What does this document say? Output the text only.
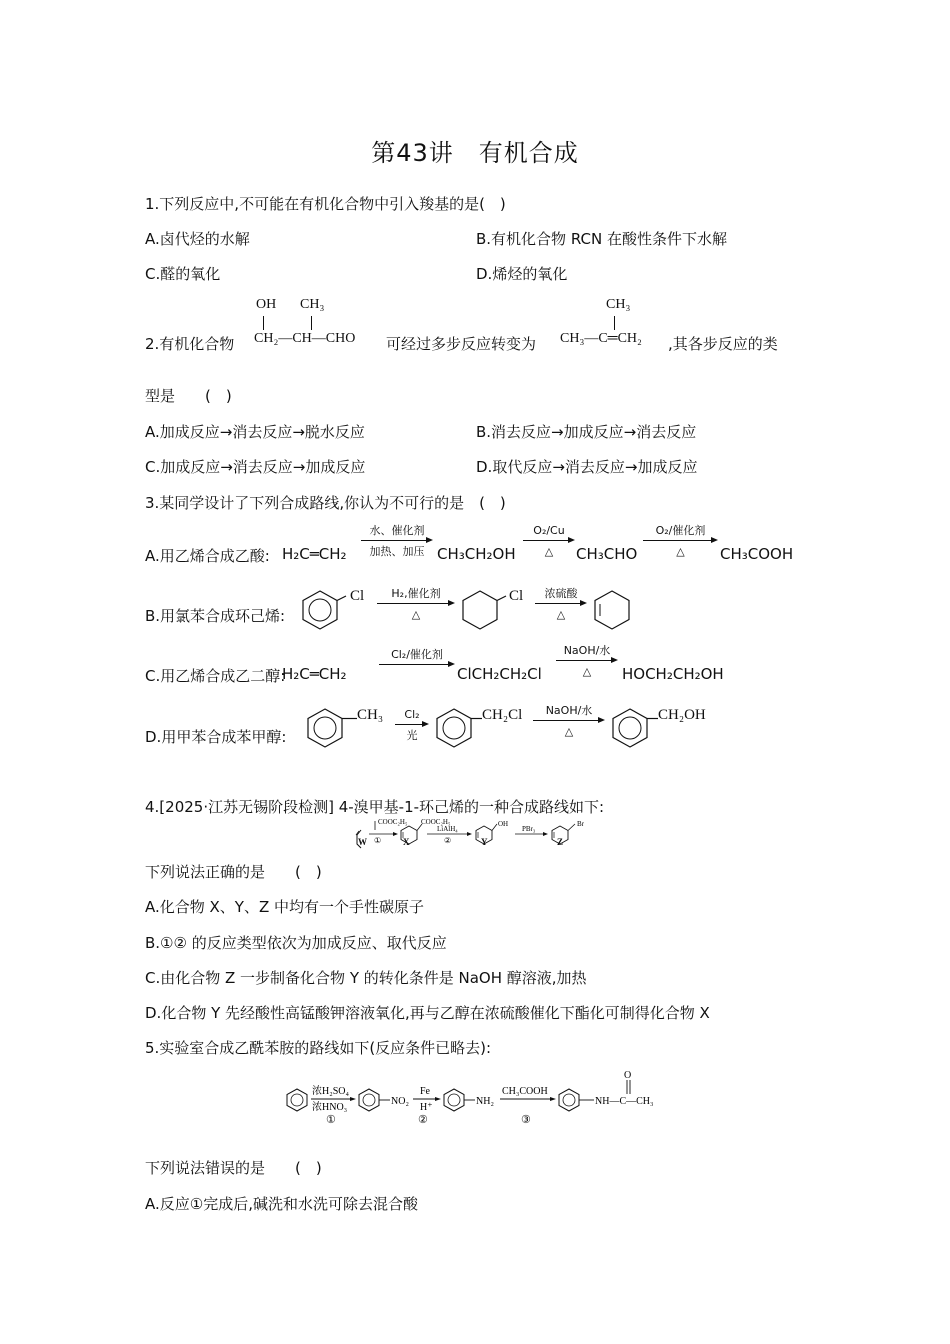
第43讲　有机合成
1.下列反应中,不可能在有机化合物中引入羧基的是(　)
A.卤代烃的水解	B.有机化合物 RCN 在酸性条件下水解
C.醛的氧化	D.烯烃的氧化
2.有机化合物
OH CH₃
CH₂—CH—CHO 可经过多步反应转变为
CH₃
CH₃—C═CH₂ ,其各步反应的类
型是　　(　)
A.加成反应→消去反应→脱水反应	B.消去反应→加成反应→消去反应
C.加成反应→消去反应→加成反应	D.取代反应→消去反应→加成反应
3.某同学设计了下列合成路线,你认为不可行的是　(　)
A.用乙烯合成乙酸: H₂C═CH₂
水、催化剂
加热、加压 CH₃CH₂OH
O₂/Cu
△	CH₃CHO
O₂/催化剂
△	CH₃COOH
B.用氯苯合成环己烯:
Cl	H₂,催化剂
△
Cl	浓硫酸
△
C.用乙烯合成乙二醇:
H₂C═CH₂
Cl₂/催化剂
ClCH₂CH₂Cl
NaOH/水
△	HOCH₂CH₂OH
D.用甲苯合成苯甲醇:
CH₃	Cl₂
光
CH₂Cl	NaOH/水
△
CH₂OH
4.[2025·江苏无锡阶段检测] 4-溴甲基-1-环己烯的一种合成路线如下:
COOC₂H₅
①
COOC₂H₅
LiAlH₄
②
OH
PBr₃
Br
W	X	Y	Z
下列说法正确的是　　(　)
A.化合物 X、Y、Z 中均有一个手性碳原子
B.①② 的反应类型依次为加成反应、取代反应
C.由化合物 Z 一步制备化合物 Y 的转化条件是 NaOH 醇溶液,加热
D.化合物 Y 先经酸性高锰酸钾溶液氧化,再与乙醇在浓硫酸催化下酯化可制得化合物 X
5.实验室合成乙酰苯胺的路线如下(反应条件已略去):
浓H₂SO₄
浓HNO₃
①
NO₂
Fe
H⁺
②
NH₂
CH₃COOH
③
NH—C—CH₃
O
下列说法错误的是　　(　)
A.反应①完成后,碱洗和水洗可除去混合酸
